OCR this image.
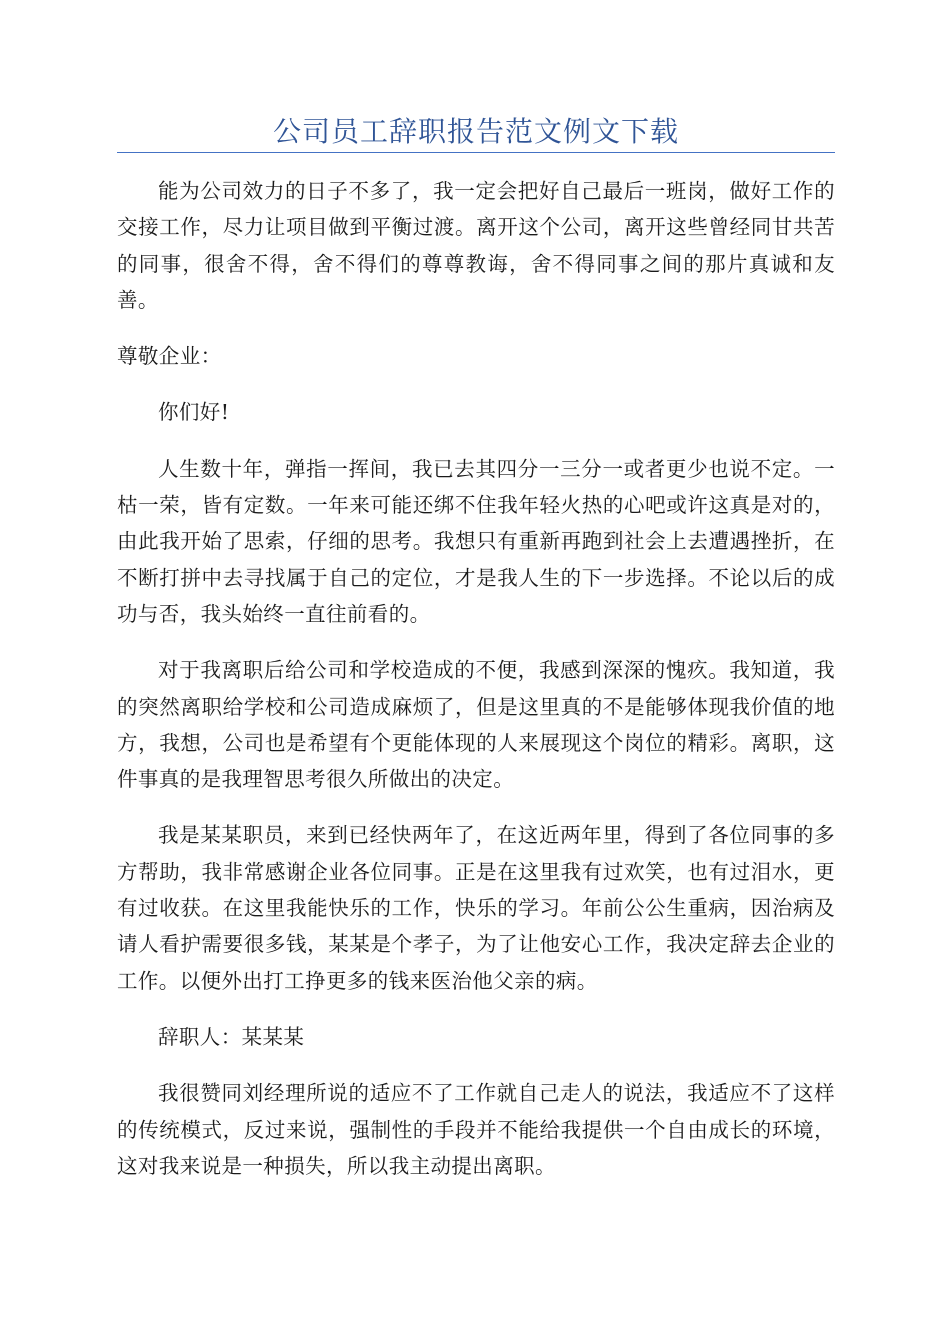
公司员工辞职报告范文例文下载

能为公司效力的日子不多了，我一定会把好自己最后一班岗，做好工作的交接工作，尽力让项目做到平衡过渡。离开这个公司，离开这些曾经同甘共苦的同事，很舍不得，舍不得们的尊尊教诲，舍不得同事之间的那片真诚和友善。

尊敬企业：

你们好!

人生数十年，弹指一挥间，我已去其四分一三分一或者更少也说不定。一枯一荣，皆有定数。一年来可能还绑不住我年轻火热的心吧或许这真是对的，由此我开始了思索，仔细的思考。我想只有重新再跑到社会上去遭遇挫折，在不断打拼中去寻找属于自己的定位，才是我人生的下一步选择。不论以后的成功与否，我头始终一直往前看的。

对于我离职后给公司和学校造成的不便，我感到深深的愧疚。我知道，我的突然离职给学校和公司造成麻烦了，但是这里真的不是能够体现我价值的地方，我想，公司也是希望有个更能体现的人来展现这个岗位的精彩。离职，这件事真的是我理智思考很久所做出的决定。

我是某某职员，来到已经快两年了，在这近两年里，得到了各位同事的多方帮助，我非常感谢企业各位同事。正是在这里我有过欢笑，也有过泪水，更有过收获。在这里我能快乐的工作，快乐的学习。年前公公生重病，因治病及请人看护需要很多钱，某某是个孝子，为了让他安心工作，我决定辞去企业的工作。以便外出打工挣更多的钱来医治他父亲的病。

辞职人：某某某

我很赞同刘经理所说的适应不了工作就自己走人的说法，我适应不了这样的传统模式，反过来说，强制性的手段并不能给我提供一个自由成长的环境，这对我来说是一种损失，所以我主动提出离职。
